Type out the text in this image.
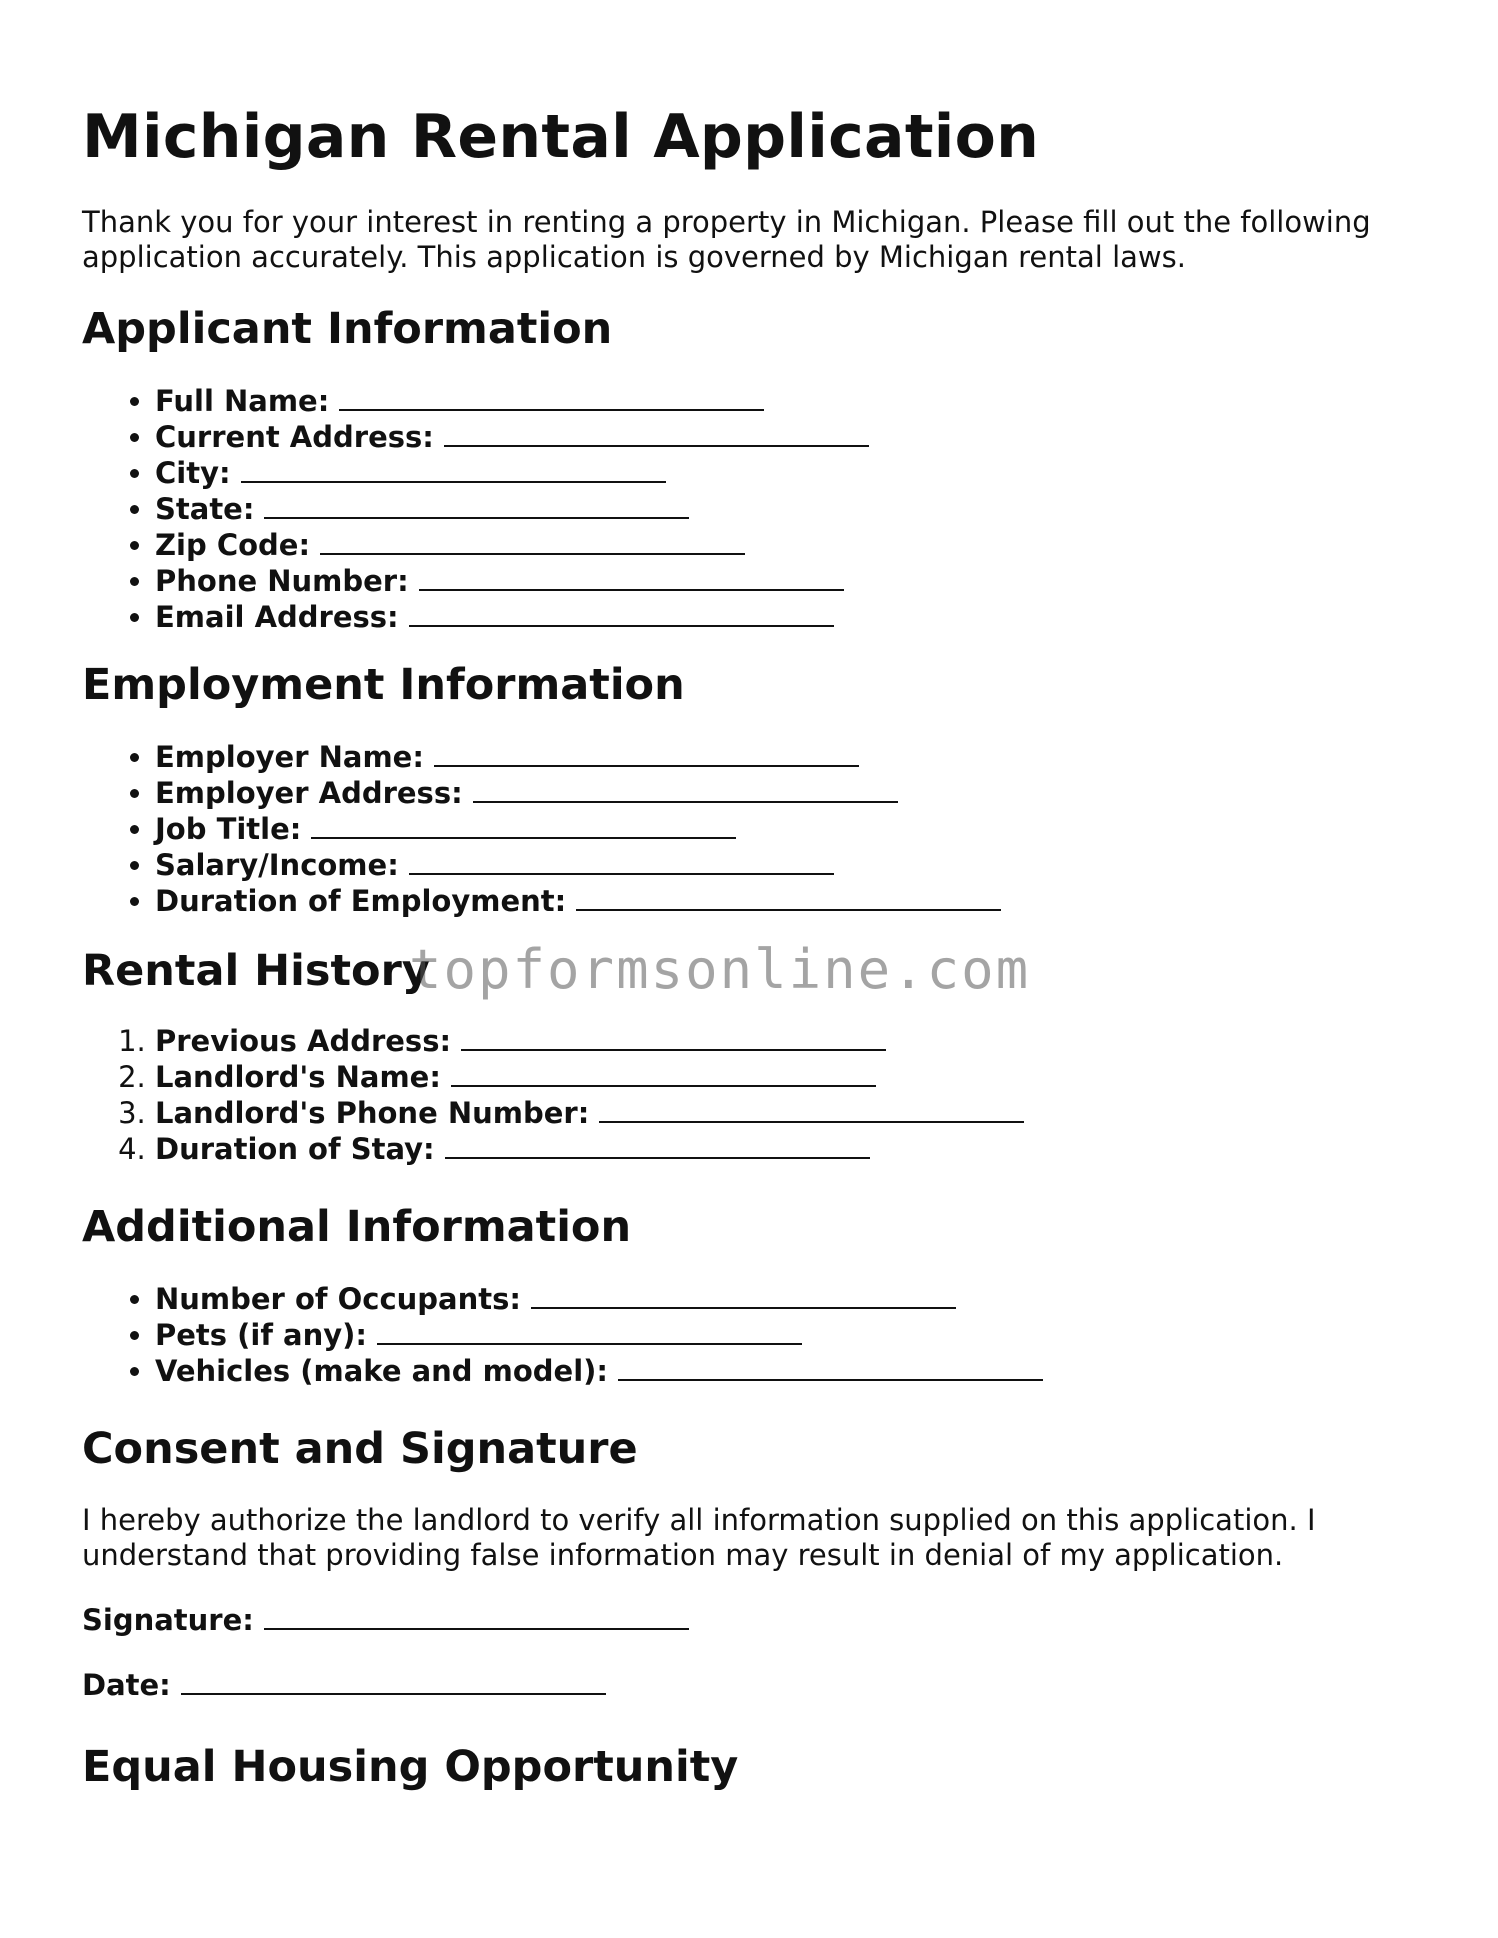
Michigan Rental Application

Thank you for your interest in renting a property in Michigan. Please fill out the following application accurately. This application is governed by Michigan rental laws.

Applicant Information
• Full Name:
• Current Address:
• City:
• State:
• Zip Code:
• Phone Number:
• Email Address:
Employment Information
• Employer Name:
• Employer Address:
• Job Title:
• Salary/Income:
• Duration of Employment:
Rental History
1. Previous Address:
2. Landlord's Name:
3. Landlord's Phone Number:
4. Duration of Stay:
Additional Information
• Number of Occupants:
• Pets (if any):
• Vehicles (make and model):
Consent and Signature

I hereby authorize the landlord to verify all information supplied on this application. I understand that providing false information may result in denial of my application.

Signature:

Date:

Equal Housing Opportunity
topformsonline.com
